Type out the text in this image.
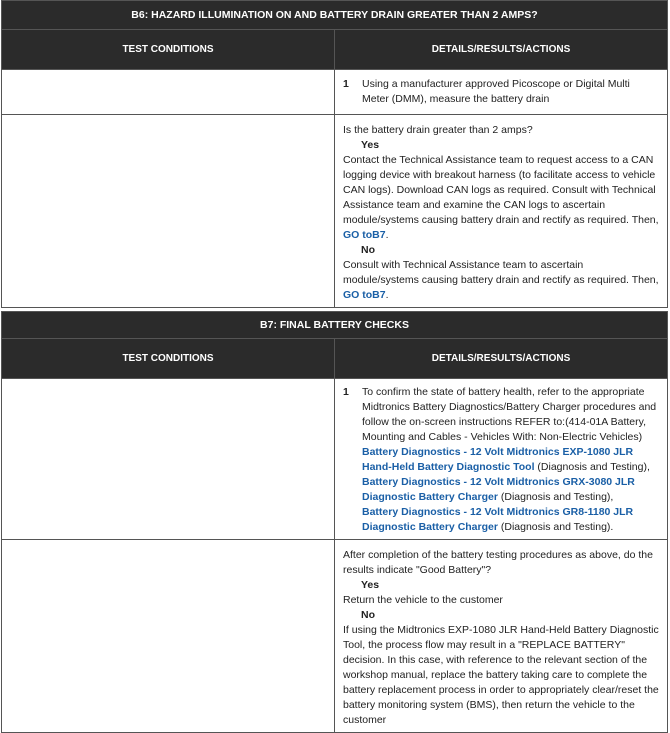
B6: HAZARD ILLUMINATION ON AND BATTERY DRAIN GREATER THAN 2 AMPS?	
TEST CONDITIONS	DETAILS/RESULTS/ACTIONS

	1 Using a manufacturer approved Picoscope or Digital Multi Meter (DMM), measure the battery drain

	Is the battery drain greater than 2 amps?
Yes
Contact the Technical Assistance team to request access to a CAN logging device with breakout harness (to facilitate access to vehicle CAN logs). Download CAN logs as required. Consult with Technical Assistance team and examine the CAN logs to ascertain module/systems causing battery drain and rectify as required. Then, GO toB7.
No
Consult with Technical Assistance team to ascertain module/systems causing battery drain and rectify as required. Then, GO toB7.
B7: FINAL BATTERY CHECKS	
TEST CONDITIONS	DETAILS/RESULTS/ACTIONS

	1 To confirm the state of battery health, refer to the appropriate Midtronics Battery Diagnostics/Battery Charger procedures and follow the on-screen instructions REFER to:(414-01A Battery, Mounting and Cables - Vehicles With: Non-Electric Vehicles)
Battery Diagnostics - 12 Volt Midtronics EXP-1080 JLR Hand-Held Battery Diagnostic Tool (Diagnosis and Testing),
Battery Diagnostics - 12 Volt Midtronics GRX-3080 JLR Diagnostic Battery Charger (Diagnosis and Testing),
Battery Diagnostics - 12 Volt Midtronics GR8-1180 JLR Diagnostic Battery Charger (Diagnosis and Testing).

	After completion of the battery testing procedures as above, do the results indicate "Good Battery"?
Yes
Return the vehicle to the customer
No
If using the Midtronics EXP-1080 JLR Hand-Held Battery Diagnostic Tool, the process flow may result in a "REPLACE BATTERY" decision. In this case, with reference to the relevant section of the workshop manual, replace the battery taking care to complete the battery replacement process in order to appropriately clear/reset the battery monitoring system (BMS), then return the vehicle to the customer
